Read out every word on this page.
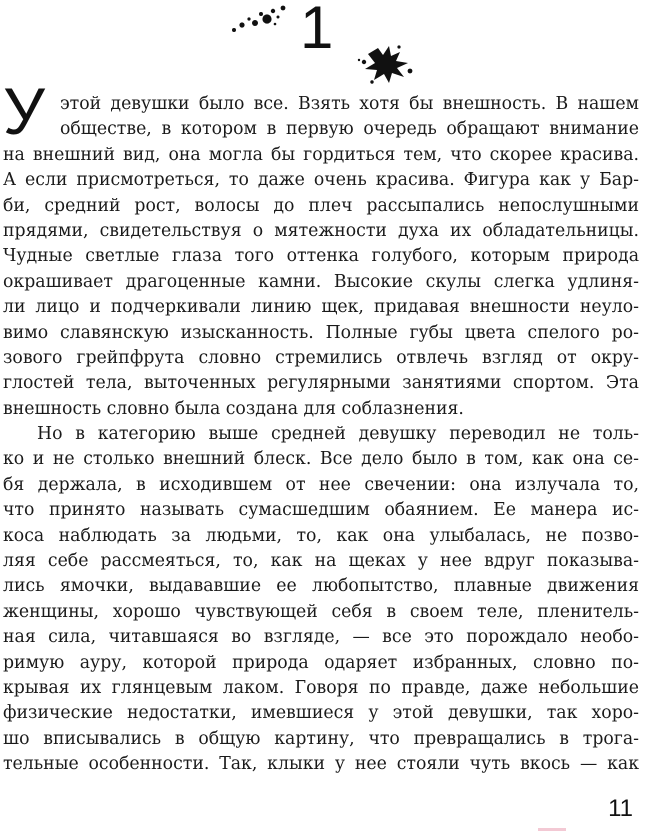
1
У этой девушки было все. Взять хотя бы внешность. В нашем
обществе, в котором в первую очередь обращают внимание
на внешний вид, она могла бы гордиться тем, что скорее красива.
А если присмотреться, то даже очень красива. Фигура как у Бар-
би, средний рост, волосы до плеч рассыпались непослушными
прядями, свидетельствуя о мятежности духа их обладательницы.
Чудные светлые глаза того оттенка голубого, которым природа
окрашивает драгоценные камни. Высокие скулы слегка удлиня-
ли лицо и подчеркивали линию щек, придавая внешности неуло-
вимо славянскую изысканность. Полные губы цвета спелого ро-
зового грейпфрута словно стремились отвлечь взгляд от окру-
глостей тела, выточенных регулярными занятиями спортом. Эта
внешность словно была создана для соблазнения.
Но в категорию выше средней девушку переводил не толь-
ко и не столько внешний блеск. Все дело было в том, как она се-
бя держала, в исходившем от нее свечении: она излучала то,
что принято называть сумасшедшим обаянием. Ее манера ис-
коса наблюдать за людьми, то, как она улыбалась, не позво-
ляя себе рассмеяться, то, как на щеках у нее вдруг показыва-
лись ямочки, выдававшие ее любопытство, плавные движения
женщины, хорошо чувствующей себя в своем теле, пленитель-
ная сила, читавшаяся во взгляде, — все это порождало необо-
римую ауру, которой природа одаряет избранных, словно по-
крывая их глянцевым лаком. Говоря по правде, даже небольшие
физические недостатки, имевшиеся у этой девушки, так хоро-
шо вписывались в общую картину, что превращались в трога-
тельные особенности. Так, клыки у нее стояли чуть вкось — как
11
